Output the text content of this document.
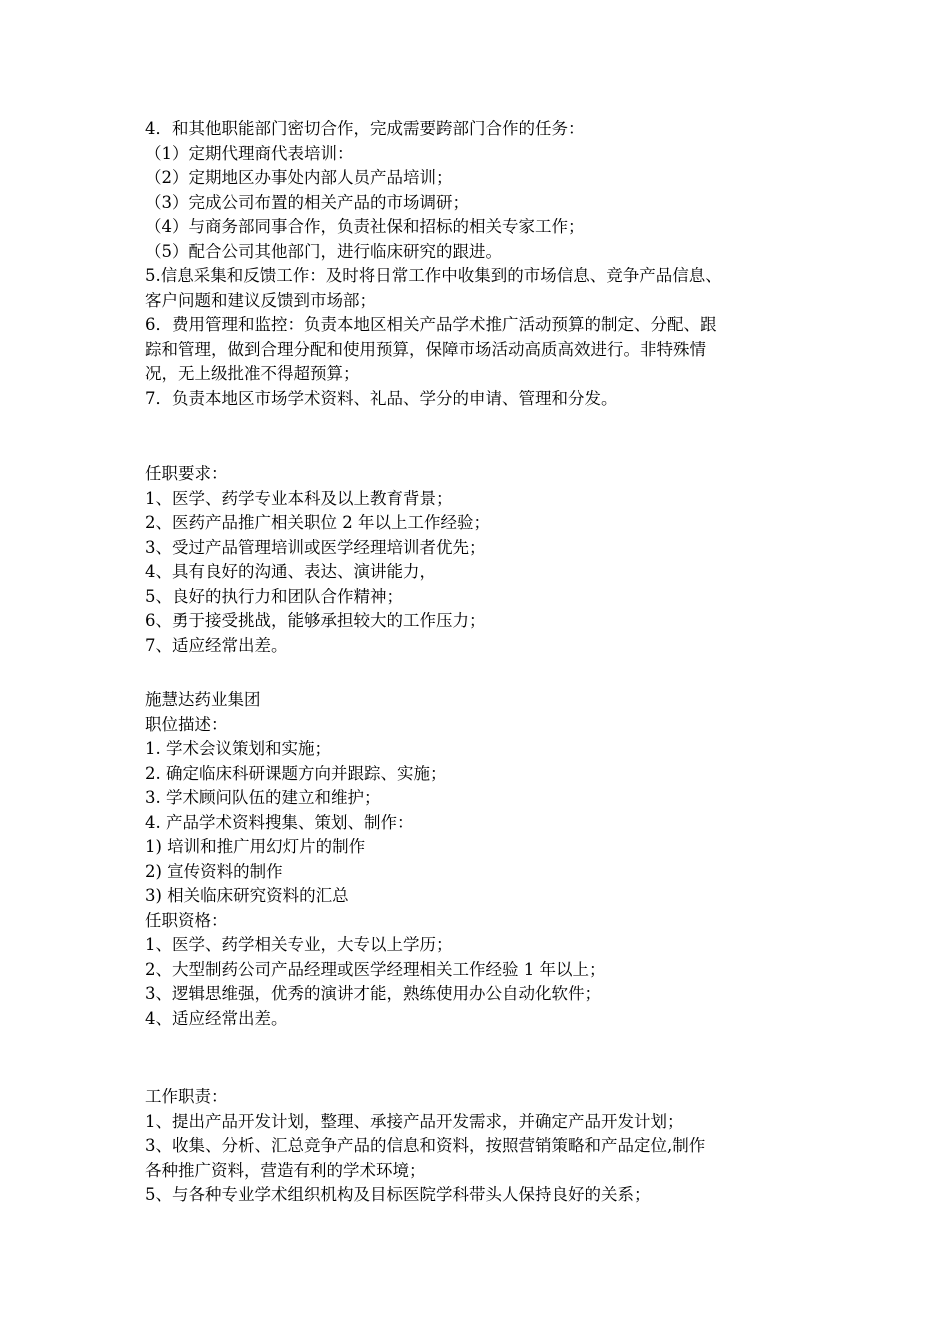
4．和其他职能部门密切合作，完成需要跨部门合作的任务：
（1）定期代理商代表培训：
（2）定期地区办事处内部人员产品培训；
（3）完成公司布置的相关产品的市场调研；
（4）与商务部同事合作，负责社保和招标的相关专家工作；
（5）配合公司其他部门，进行临床研究的跟进。
5.信息采集和反馈工作：及时将日常工作中收集到的市场信息、竞争产品信息、
客户问题和建议反馈到市场部；
6．费用管理和监控：负责本地区相关产品学术推广活动预算的制定、分配、跟
踪和管理，做到合理分配和使用预算，保障市场活动高质高效进行。非特殊情
况，无上级批准不得超预算；
7．负责本地区市场学术资料、礼品、学分的申请、管理和分发。
任职要求：
1、医学、药学专业本科及以上教育背景；
2、医药产品推广相关职位 2 年以上工作经验；
3、受过产品管理培训或医学经理培训者优先；
4、具有良好的沟通、表达、演讲能力，
5、良好的执行力和团队合作精神；
6、勇于接受挑战，能够承担较大的工作压力；
7、适应经常出差。
施慧达药业集团
职位描述：
1. 学术会议策划和实施；
2. 确定临床科研课题方向并跟踪、实施；
3. 学术顾问队伍的建立和维护；
4. 产品学术资料搜集、策划、制作：
1) 培训和推广用幻灯片的制作
2) 宣传资料的制作
3) 相关临床研究资料的汇总
任职资格：
1、医学、药学相关专业，大专以上学历；
2、大型制药公司产品经理或医学经理相关工作经验 1 年以上；
3、逻辑思维强，优秀的演讲才能，熟练使用办公自动化软件；
4、适应经常出差。
工作职责：
1、提出产品开发计划，整理、承接产品开发需求，并确定产品开发计划；
3、收集、分析、汇总竞争产品的信息和资料，按照营销策略和产品定位,制作
各种推广资料，营造有利的学术环境；
5、与各种专业学术组织机构及目标医院学科带头人保持良好的关系；
